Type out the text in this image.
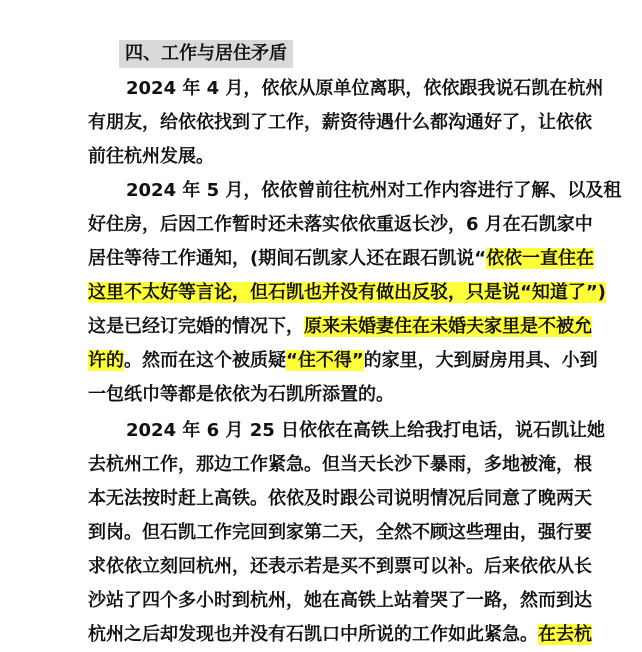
四、工作与居住矛盾
2024 年 4 月，依依从原单位离职，依依跟我说石凯在杭州
有朋友，给依依找到了工作，薪资待遇什么都沟通好了，让依依
前往杭州发展。
2024 年 5 月，依依曾前往杭州对工作内容进行了解、以及租
好住房，后因工作暂时还未落实依依重返长沙，6 月在石凯家中
居住等待工作通知，(期间石凯家人还在跟石凯说“依依一直住在
这里不太好等言论，但石凯也并没有做出反驳，只是说“知道了”)
这是已经订完婚的情况下，原来未婚妻住在未婚夫家里是不被允
许的。然而在这个被质疑“住不得”的家里，大到厨房用具、小到
一包纸巾等都是依依为石凯所添置的。
2024 年 6 月 25 日依依在高铁上给我打电话，说石凯让她
去杭州工作，那边工作紧急。但当天长沙下暴雨，多地被淹，根
本无法按时赶上高铁。依依及时跟公司说明情况后同意了晚两天
到岗。但石凯工作完回到家第二天，全然不顾这些理由，强行要
求依依立刻回杭州，还表示若是买不到票可以补。后来依依从长
沙站了四个多小时到杭州，她在高铁上站着哭了一路，然而到达
杭州之后却发现也并没有石凯口中所说的工作如此紧急。在去杭
